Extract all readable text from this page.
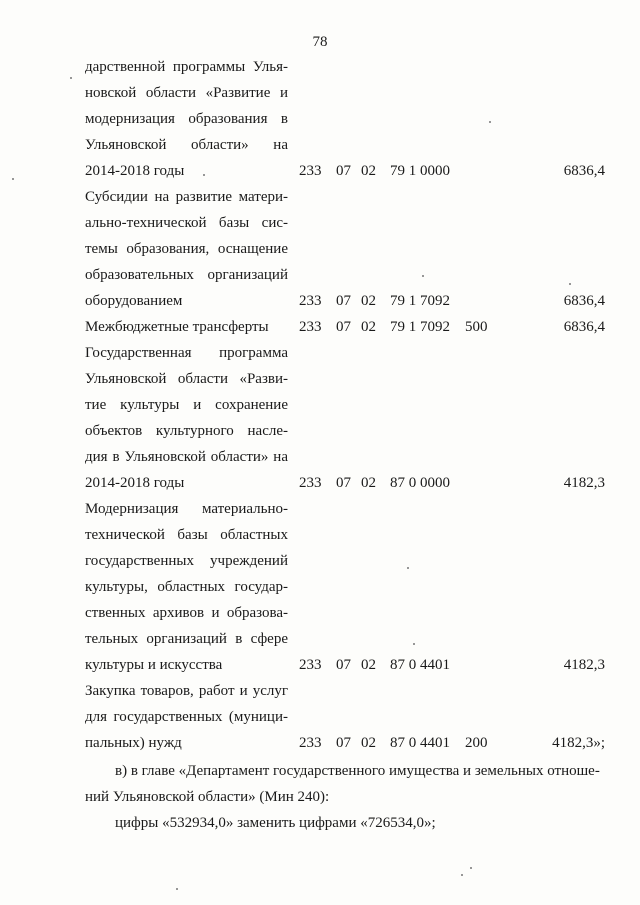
78
дарственной программы Улья-
новской области «Развитие и
модернизация образования в
Ульяновской области» на
2014-2018 годы	233 07 02 79 1 0000	6836,4
Субсидии на развитие матери-
ально-технической базы сис-
темы образования, оснащение
образовательных организаций
оборудованием	233 07 02 79 1 7092	6836,4
Межбюджетные трансферты 233 07 02 79 1 7092 500	6836,4
Государственная программа
Ульяновской области «Разви-
тие культуры и сохранение
объектов культурного насле-
дия в Ульяновской области» на
2014-2018 годы	233 07 02 87 0 0000	4182,3
Модернизация материально-
технической базы областных
государственных учреждений
культуры, областных государ-
ственных архивов и образова-
тельных организаций в сфере
культуры и искусства	233 07 02 87 0 4401	4182,3
Закупка товаров, работ и услуг
для государственных (муници-
пальных) нужд	233 07 02 87 0 4401 200	4182,3»;
в) в главе «Департамент государственного имущества и земельных отноше-
ний Ульяновской области» (Мин 240):
цифры «532934,0» заменить цифрами «726534,0»;
